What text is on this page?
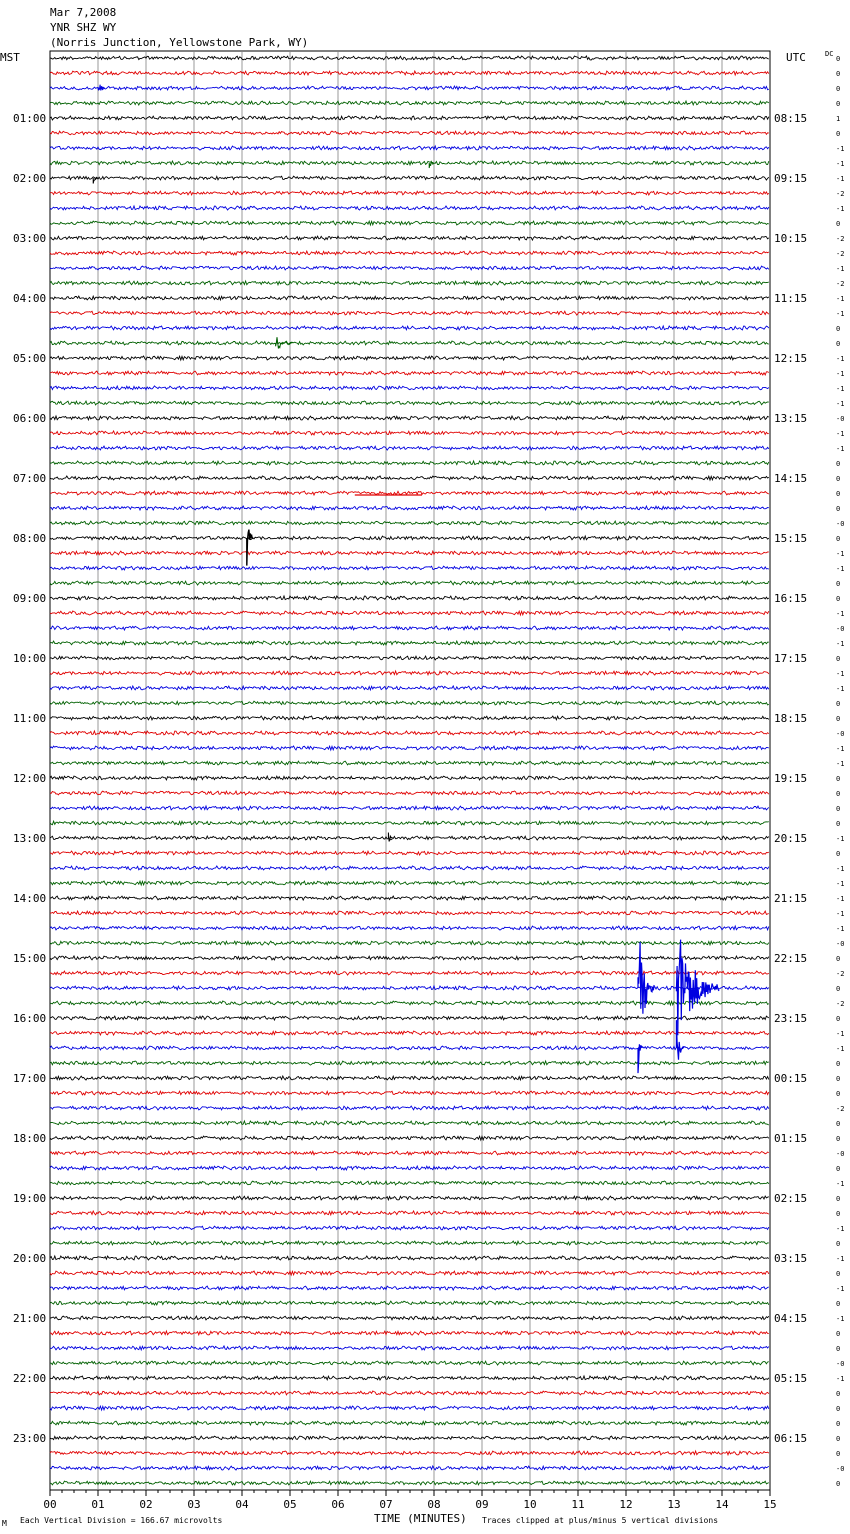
Mar 7,2008
YNR SHZ WY
(Norris Junction, Yellowstone Park, WY)
MST	UTC	DC
01:00
02:00
03:00
04:00
05:00
06:00
07:00
08:00
09:00
10:00
11:00
12:00
13:00
14:00
15:00
16:00
17:00
18:00
19:00
20:00
21:00
22:00
23:00
08:15
09:15
10:15
11:15
12:15
13:15
14:15
15:15
16:15
17:15
18:15
19:15
20:15
21:15
22:15
23:15
00:15
01:15
02:15
03:15
04:15
05:15
06:15
0
0
0
0
1
0
-1
-1
-1
-2
-1
0
-2
-2
-1
-2
-1
-1
0
0
-1
-1
-1
-1
-0
-1
-1
0
0
0
0
-0
0
-1
-1
0
0
-1
-0
-1
0
-1
-1
0
0
-0
-1
-1
0
0
0
0
-1
0
-1
-1
-1
-1
-1
-0
0
-2
0
-2
0
-1
-1
0
0
0
-2
0
0
-0
0
-1
0
0
-1
0
-1
0
-1
0
-1
0
0
-0
-1
0
0
0
0
0
-0
0
00	01	02	03	04	05	06	07	08	09	10	11	12	13	14	15
M Each Vertical Division = 166.67 microvolts	TIME (MINUTES) Traces clipped at plus/minus 5 vertical divisions
